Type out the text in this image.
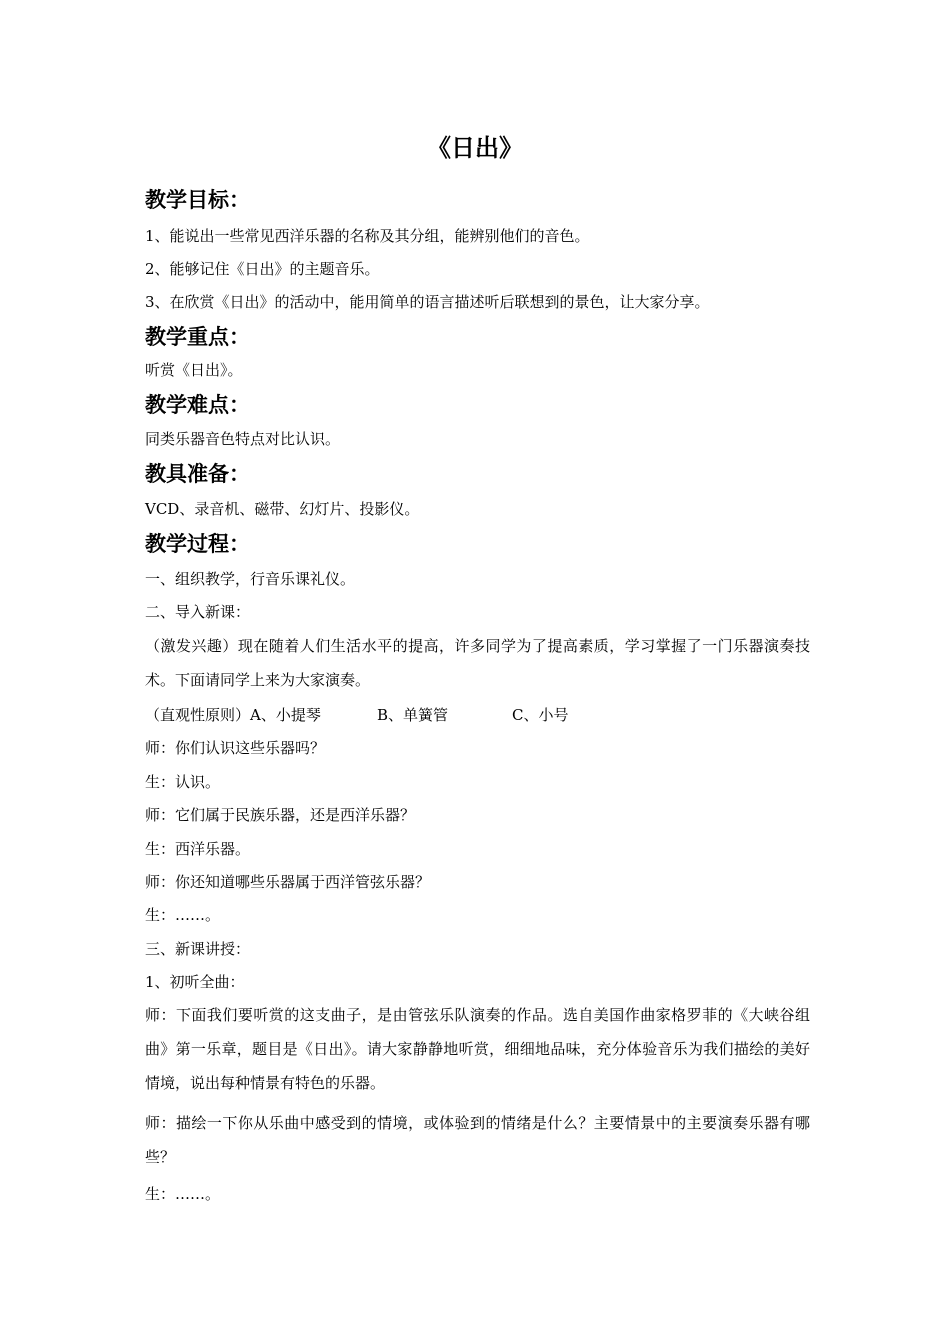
《日出》
教学目标：
1、能说出一些常见西洋乐器的名称及其分组，能辨别他们的音色。
2、能够记住《日出》的主题音乐。
3、在欣赏《日出》的活动中，能用简单的语言描述听后联想到的景色，让大家分享。
教学重点：
听赏《日出》。
教学难点：
同类乐器音色特点对比认识。
教具准备：
VCD、录音机、磁带、幻灯片、投影仪。
教学过程：
一、组织教学，行音乐课礼仪。
二、导入新课：
（激发兴趣）现在随着人们生活水平的提高，许多同学为了提高素质，学习掌握了一门乐器演奏技术。下面请同学上来为大家演奏。
（直观性原则）A、小提琴	B、单簧管	C、小号
师：你们认识这些乐器吗？
生：认识。
师：它们属于民族乐器，还是西洋乐器？
生：西洋乐器。
师：你还知道哪些乐器属于西洋管弦乐器？
生：……。
三、新课讲授：
1、初听全曲：
师：下面我们要听赏的这支曲子，是由管弦乐队演奏的作品。选自美国作曲家格罗菲的《大峡谷组曲》第一乐章，题目是《日出》。请大家静静地听赏，细细地品味，充分体验音乐为我们描绘的美好情境，说出每种情景有特色的乐器。
师：描绘一下你从乐曲中感受到的情境，或体验到的情绪是什么？主要情景中的主要演奏乐器有哪些？
生：……。
